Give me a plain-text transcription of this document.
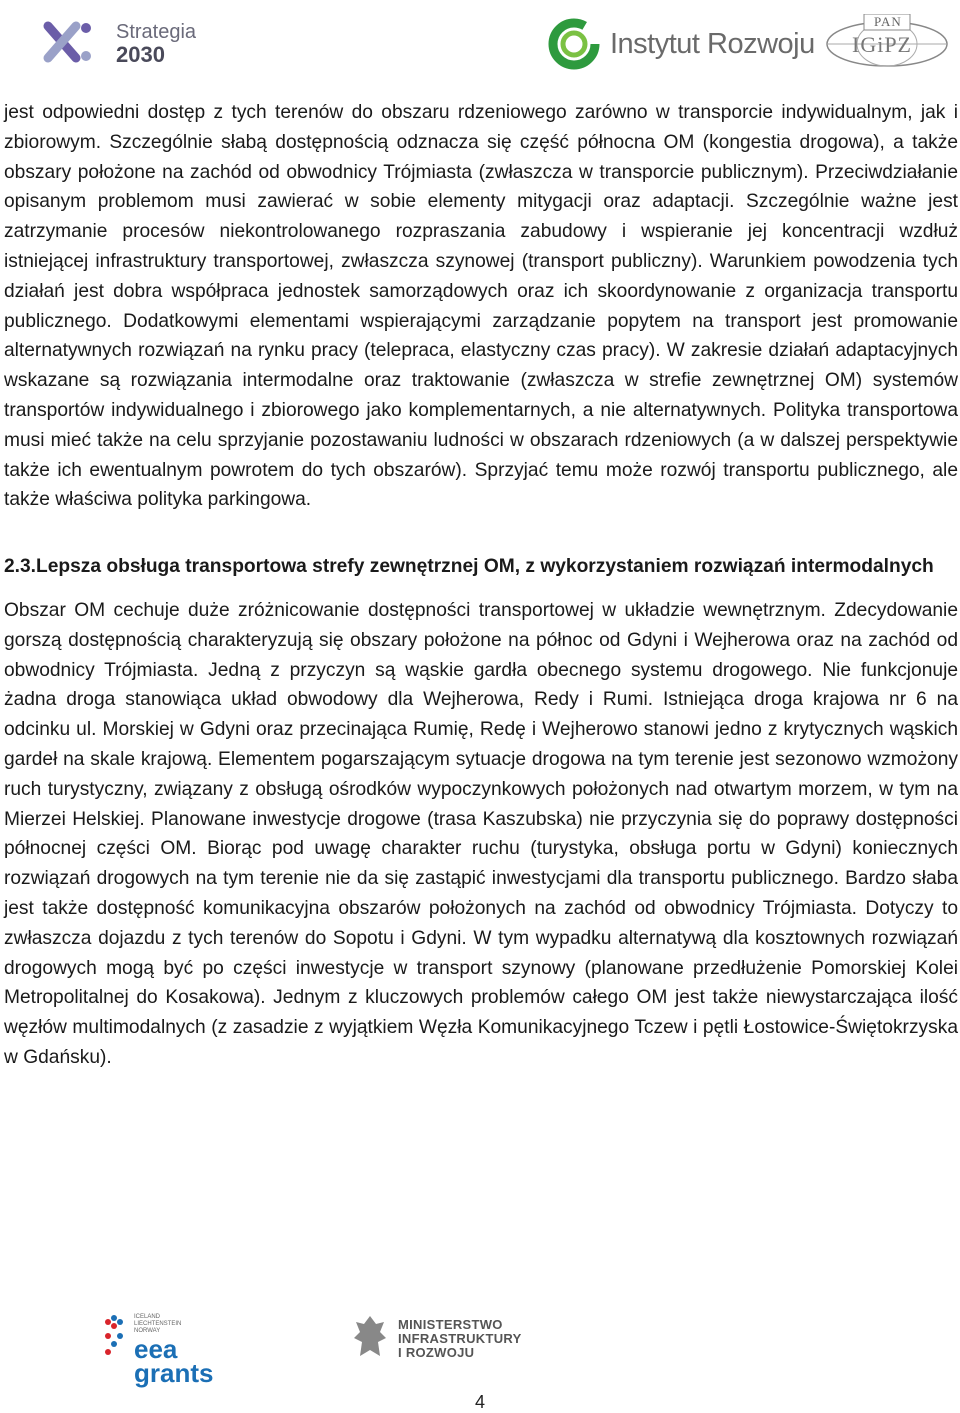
Strategia
2030	Instytut Rozwoju
PAN
IGiPZ

jest odpowiedni dostęp z tych terenów do obszaru rdzeniowego zarówno w transporcie indywidualnym, jak i zbiorowym. Szczególnie słabą dostępnością odznacza się część północna OM (kongestia drogowa), a także obszary położone na zachód od obwodnicy Trójmiasta (zwłaszcza w transporcie publicznym). Przeciwdziałanie opisanym problemom musi zawierać w sobie elementy mitygacji oraz adaptacji. Szczególnie ważne jest zatrzymanie procesów niekontrolowanego rozpraszania zabudowy i wspieranie jej koncentracji wzdłuż istniejącej infrastruktury transportowej, zwłaszcza szynowej (transport publiczny). Warunkiem powodzenia tych działań jest dobra współpraca jednostek samorządowych oraz ich skoordynowanie z organizacja transportu publicznego. Dodatkowymi elementami wspierającymi zarządzanie popytem na transport jest promowanie alternatywnych rozwiązań na rynku pracy (telepraca, elastyczny czas pracy). W zakresie działań adaptacyjnych wskazane są rozwiązania intermodalne oraz traktowanie (zwłaszcza w strefie zewnętrznej OM) systemów transportów indywidualnego i zbiorowego jako komplementarnych, a nie alternatywnych. Polityka transportowa musi mieć także na celu sprzyjanie pozostawaniu ludności w obszarach rdzeniowych (a w dalszej perspektywie także ich ewentualnym powrotem do tych obszarów). Sprzyjać temu może rozwój transportu publicznego, ale także właściwa polityka parkingowa.

2.3.Lepsza obsługa transportowa strefy zewnętrznej OM, z wykorzystaniem rozwiązań intermodalnych

Obszar OM cechuje duże zróżnicowanie dostępności transportowej w układzie wewnętrznym. Zdecydowanie gorszą dostępnością charakteryzują się obszary położone na północ od Gdyni i Wejherowa oraz na zachód od obwodnicy Trójmiasta. Jedną z przyczyn są wąskie gardła obecnego systemu drogowego. Nie funkcjonuje żadna droga stanowiąca układ obwodowy dla Wejherowa, Redy i Rumi. Istniejąca droga krajowa nr 6 na odcinku ul. Morskiej w Gdyni oraz przecinająca Rumię, Redę i Wejherowo stanowi jedno z krytycznych wąskich gardeł na skale krajową. Elementem pogarszającym sytuacje drogowa na tym terenie jest sezonowo wzmożony ruch turystyczny, związany z obsługą ośrodków wypoczynkowych położonych nad otwartym morzem, w tym na Mierzei Helskiej. Planowane inwestycje drogowe (trasa Kaszubska) nie przyczynia się do poprawy dostępności północnej części OM. Biorąc pod uwagę charakter ruchu (turystyka, obsługa portu w Gdyni) koniecznych rozwiązań drogowych na tym terenie nie da się zastąpić inwestycjami dla transportu publicznego. Bardzo słaba jest także dostępność komunikacyjna obszarów położonych na zachód od obwodnicy Trójmiasta. Dotyczy to zwłaszcza dojazdu z tych terenów do Sopotu i Gdyni. W tym wypadku alternatywą dla kosztownych rozwiązań drogowych mogą być po części inwestycje w transport szynowy (planowane przedłużenie Pomorskiej Kolei Metropolitalnej do Kosakowa). Jednym z kluczowych problemów całego OM jest także niewystarczająca ilość węzłów multimodalnych (z zasadzie z wyjątkiem Węzła Komunikacyjnego Tczew i pętli Łostowice-Świętokrzyska w Gdańsku).

ICELAND LIECHTENSTEIN NORWAY
eea
grants
MINISTERSTWO
INFRASTRUKTURY
I ROZWOJU
4
